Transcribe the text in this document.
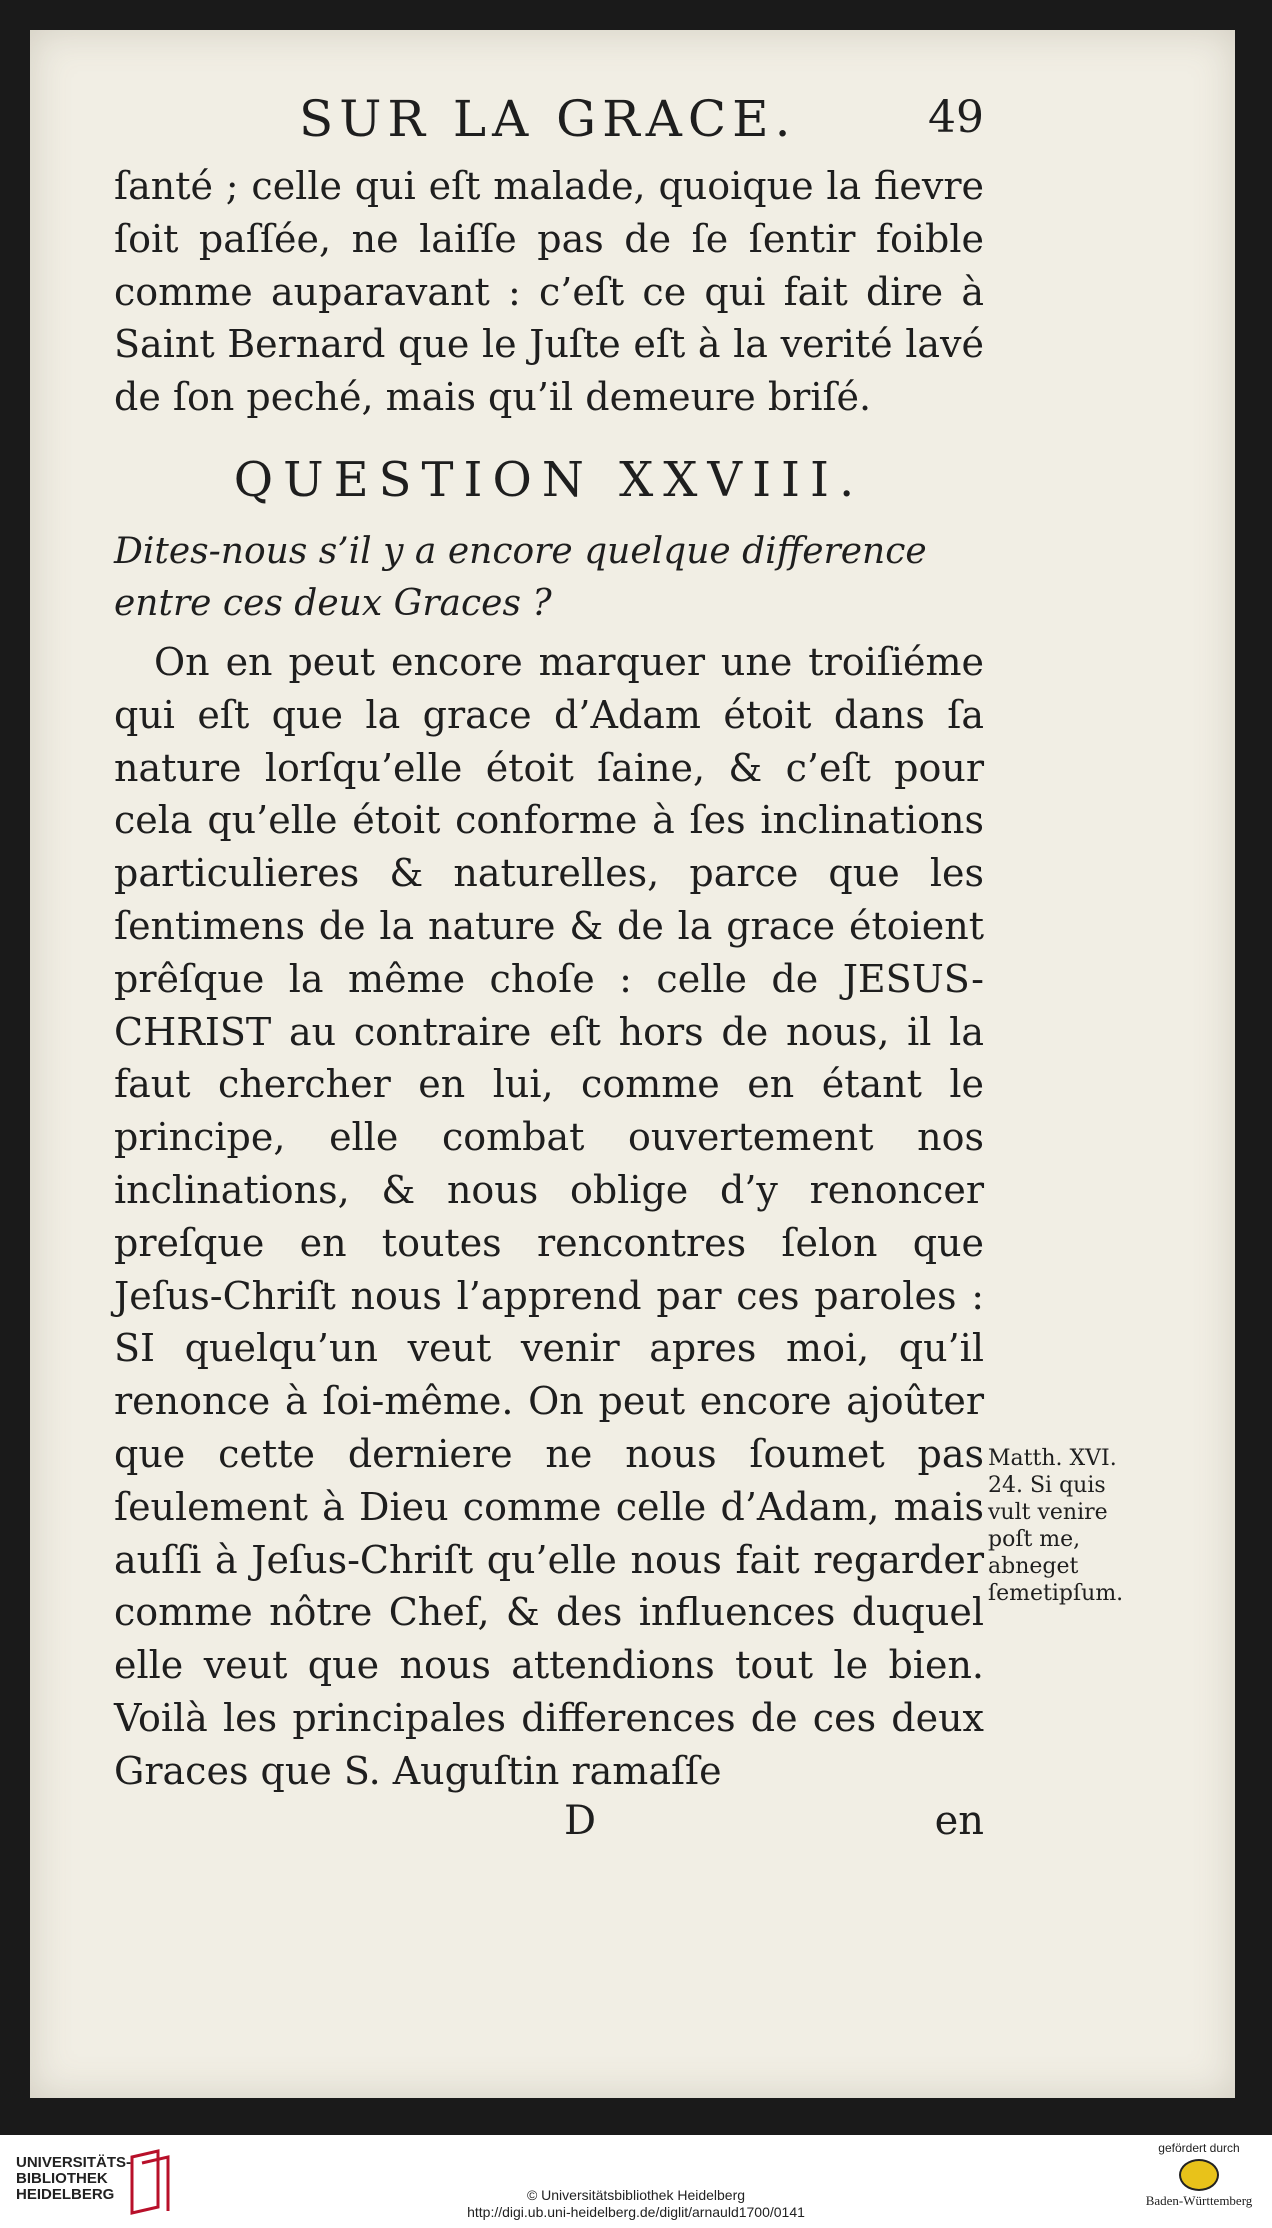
SUR LA GRACE.	49

ſanté ; celle qui eſt malade, quoique la fievre ſoit paſſée, ne laiſſe pas de ſe ſentir foible comme auparavant : c’eſt ce qui fait dire à Saint Bernard que le Juſte eſt à la verité lavé de ſon peché, mais qu’il demeure briſé.

QUESTION XXVIII.

Dites-nous s’il y a encore quelque difference entre ces deux Graces ?

On en peut encore marquer une troiſiéme qui eſt que la grace d’Adam étoit dans ſa nature lorſqu’elle étoit ſaine, & c’eſt pour cela qu’elle étoit conforme à ſes inclinations particulieres & naturelles, parce que les ſentimens de la nature & de la grace étoient prêſque la même choſe : celle de JESUS-CHRIST au contraire eſt hors de nous, il la faut chercher en lui, comme en étant le principe, elle combat ouvertement nos inclinations, & nous oblige d’y renoncer preſque en toutes rencontres ſelon que Jeſus-Chriſt nous l’apprend par ces paroles : SI quelqu’un veut venir apres moi, qu’il renonce à ſoi-même. On peut encore ajoûter que cette derniere ne nous ſoumet pas ſeulement à Dieu comme celle d’Adam, mais auſſi à Jeſus-Chriſt qu’elle nous fait regarder comme nôtre Chef, & des influences duquel elle veut que nous attendions tout le bien. Voilà les principales differences de ces deux Graces que S. Auguſtin ramaſſe

D	en
Matth. XVI. 24. Si quis vult venire poſt me, abneget ſemetipſum.
UNIVERSITÄTS- BIBLIOTHEK HEIDELBERG	© Universitätsbibliothek Heidelberg
http://digi.ub.uni-heidelberg.de/diglit/arnauld1700/0141
gefördert durch
Baden-Württemberg
